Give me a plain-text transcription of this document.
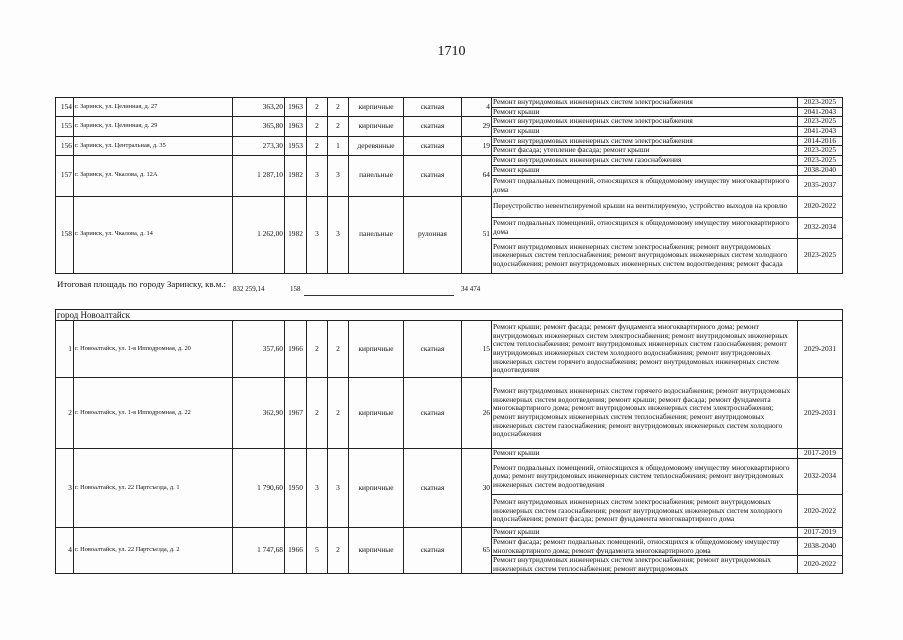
1710
154	г. Заринск, ул. Целинная, д. 27	363,20	1963	2	2	кирпичные	скатная	4	Ремонт внутридомовых инженерных систем электроснабжения	2023-2025
									Ремонт крыши	2041-2043
155	г. Заринск, ул. Целинная, д. 29	365,80	1963	2	2	кирпичные	скатная	29	Ремонт внутридомовых инженерных систем электроснабжения	2023-2025
									Ремонт крыши	2041-2043
156	г. Заринск, ул. Центральная, д. 35	273,30	1953	2	1	деревянные	скатная	19	Ремонт внутридомовых инженерных систем электроснабжения	2014-2016
									Ремонт фасада; утепление фасада; ремонт крыши	2023-2025
157	г. Заринск, ул. Чкалова, д. 12А	1 287,10	1982	3	3	панельные	скатная	64	Ремонт внутридомовых инженерных систем газоснабжения	2023-2025
									Ремонт крыши	2038-2040
									Ремонт подвальных помещений, относящихся к общедомовому имуществу многоквартирного дома	2035-2037
158	г. Заринск, ул. Чкалова, д. 14	1 262,00	1982	3	3	панельные	рулонная	51	Переустройство невентилируемой крыши на вентилируемую, устройство выходов на кровлю	2020-2022
									Ремонт подвальных помещений, относящихся к общедомовому имуществу многоквартирного дома	2032-2034
									Ремонт внутридомовых инженерных систем электроснабжения; ремонт внутридомовых инженерных систем теплоснабжения; ремонт внутридомовых инженерных систем холодного водоснабжения; ремонт внутридомовых инженерных систем водоотведения; ремонт фасада	2023-2025
Итоговая площадь по городу Заринску, кв.м.:	832 259,14	158	34 474
город Новоалтайск										
1	г. Новоалтайск, ул. 1-я Ипподромная, д. 20	357,60	1966	2	2	кирпичные	скатная	15	Ремонт крыши; ремонт фасада; ремонт фундамента многоквартирного дома; ремонт внутридомовых инженерных систем электроснабжения; ремонт внутридомовых инженерных систем теплоснабжения; ремонт внутридомовых инженерных систем газоснабжения; ремонт внутридомовых инженерных систем холодного водоснабжения; ремонт внутридомовых инженерных систем горячего водоснабжения; ремонт внутридомовых инженерных систем водоотведения	2029-2031
2	г. Новоалтайск, ул. 1-я Ипподромная, д. 22	362,90	1967	2	2	кирпичные	скатная	26	Ремонт внутридомовых инженерных систем горячего водоснабжения; ремонт внутридомовых инженерных систем водоотведения; ремонт крыши; ремонт фасада; ремонт фундамента многоквартирного дома; ремонт внутридомовых инженерных систем электроснабжения; ремонт внутридомовых инженерных систем теплоснабжения; ремонт внутридомовых инженерных систем газоснабжения; ремонт внутридомовых инженерных систем холодного водоснабжения	2029-2031
3	г. Новоалтайск, ул. 22 Партсъезда, д. 1	1 790,60	1950	3	3	кирпичные	скатная	30	Ремонт крыши	2017-2019
									Ремонт подвальных помещений, относящихся к общедомовому имуществу многоквартирного дома; ремонт внутридомовых инженерных систем теплоснабжения; ремонт внутридомовых инженерных систем водоотведения	2032-2034
									Ремонт внутридомовых инженерных систем электроснабжения; ремонт внутридомовых инженерных систем газоснабжения; ремонт внутридомовых инженерных систем холодного водоснабжения; ремонт фасада; ремонт фундамента многоквартирного дома	2020-2022
4	г. Новоалтайск, ул. 22 Партсъезда, д. 2	1 747,68	1966	5	2	кирпичные	скатная	65	Ремонт крыши	2017-2019
									Ремонт фасада; ремонт подвальных помещений, относящихся к общедомовому имуществу многоквартирного дома; ремонт фундамента многоквартирного дома	2038-2040
									Ремонт внутридомовых инженерных систем электроснабжения; ремонт внутридомовых инженерных систем теплоснабжения; ремонт внутридомовых	2020-2022
